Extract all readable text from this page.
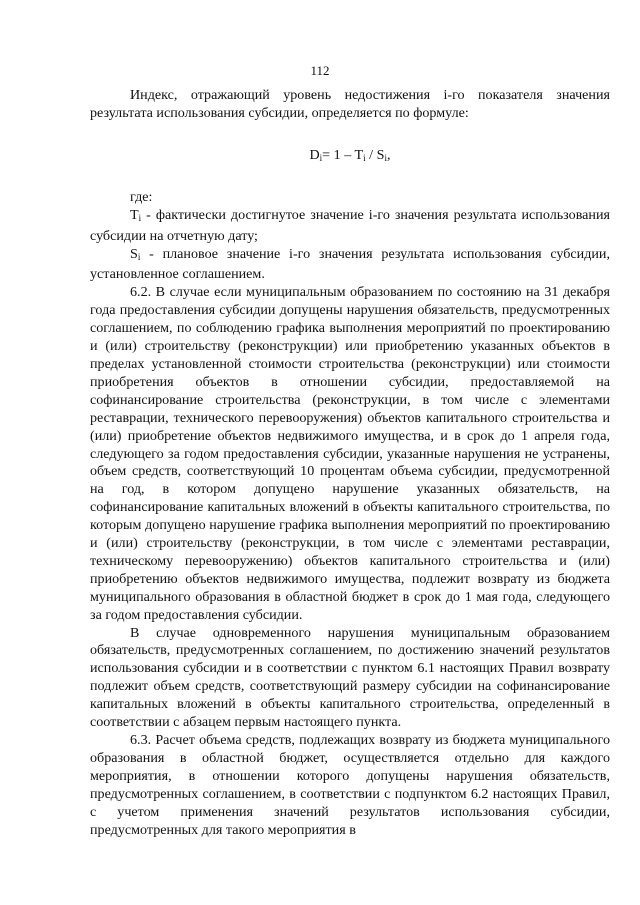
112

Индекс, отражающий уровень недостижения i-го показателя значения результата использования субсидии, определяется по формуле:

$D_i= 1 - T_i / S_i$,

где:

$T_i$ - фактически достигнутое значение i-го значения результата использования субсидии на отчетную дату;

$S_i$ - плановое значение i-го значения результата использования субсидии, установленное соглашением.

6.2. В случае если муниципальным образованием по состоянию на 31 декабря года предоставления субсидии допущены нарушения обязательств, предусмотренных соглашением, по соблюдению графика выполнения мероприятий по проектированию и (или) строительству (реконструкции) или приобретению указанных объектов в пределах установленной стоимости строительства (реконструкции) или стоимости приобретения объектов в отношении субсидии, предоставляемой на софинансирование строительства (реконструкции, в том числе с элементами реставрации, технического перевооружения) объектов капитального строительства и (или) приобретение объектов недвижимого имущества, и в срок до 1 апреля года, следующего за годом предоставления субсидии, указанные нарушения не устранены, объем средств, соответствующий 10 процентам объема субсидии, предусмотренной на год, в котором допущено нарушение указанных обязательств, на софинансирование капитальных вложений в объекты капитального строительства, по которым допущено нарушение графика выполнения мероприятий по проектированию и (или) строительству (реконструкции, в том числе с элементами реставрации, техническому перевооружению) объектов капитального строительства и (или) приобретению объектов недвижимого имущества, подлежит возврату из бюджета муниципального образования в областной бюджет в срок до 1 мая года, следующего за годом предоставления субсидии.

В случае одновременного нарушения муниципальным образованием обязательств, предусмотренных соглашением, по достижению значений результатов использования субсидии и в соответствии с пунктом 6.1 настоящих Правил возврату подлежит объем средств, соответствующий размеру субсидии на софинансирование капитальных вложений в объекты капитального строительства, определенный в соответствии с абзацем первым настоящего пункта.

6.3. Расчет объема средств, подлежащих возврату из бюджета муниципального образования в областной бюджет, осуществляется отдельно для каждого мероприятия, в отношении которого допущены нарушения обязательств, предусмотренных соглашением, в соответствии с подпунктом 6.2 настоящих Правил, с учетом применения значений результатов использования субсидии, предусмотренных для такого мероприятия в
